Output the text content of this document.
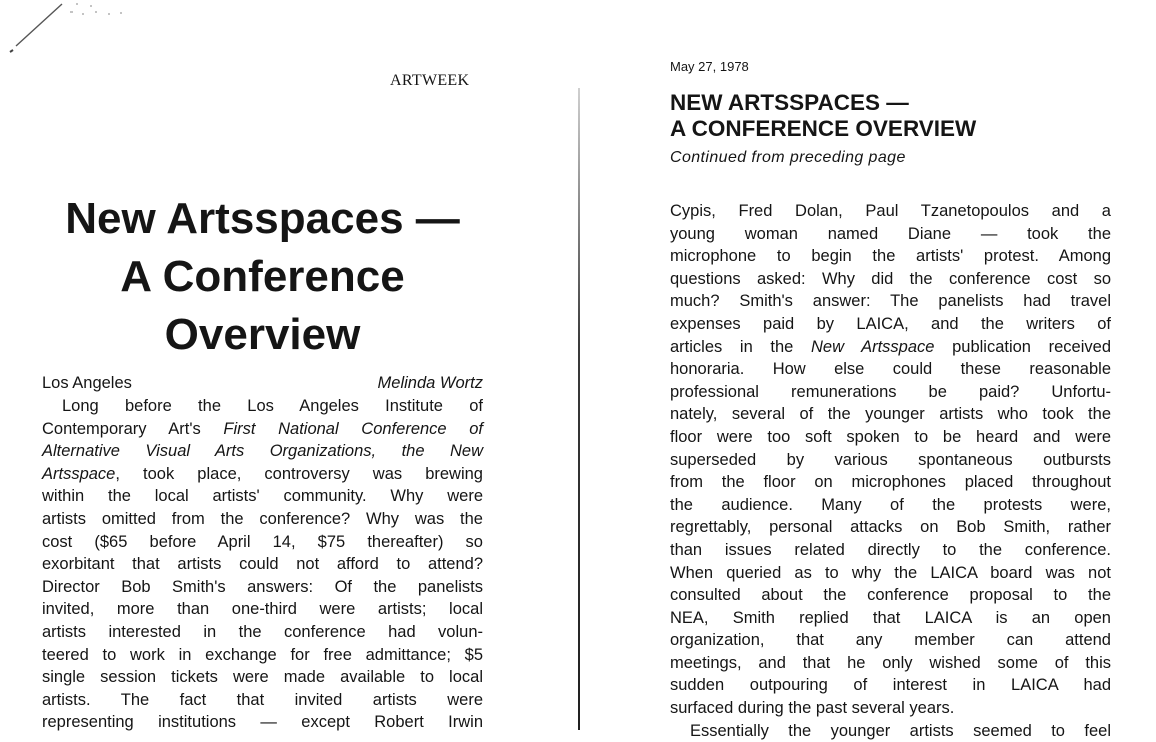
ARTWEEK

New Artsspaces —
A Conference
Overview
Los Angeles	Melinda Wortz

Long before the Los Angeles Institute of
Contemporary Art's First National Conference of
Alternative Visual Arts Organizations, the New
Artsspace, took place, controversy was brewing
within the local artists' community. Why were
artists omitted from the conference? Why was the
cost ($65 before April 14, $75 thereafter) so
exorbitant that artists could not afford to attend?
Director Bob Smith's answers: Of the panelists
invited, more than one-third were artists; local
artists interested in the conference had volun-
teered to work in exchange for free admittance; $5
single session tickets were made available to local
artists. The fact that invited artists were
representing institutions — except Robert Irwin

May 27, 1978

NEW ARTSSPACES —
A CONFERENCE OVERVIEW

Continued from preceding page

Cypis, Fred Dolan, Paul Tzanetopoulos and a
young woman named Diane — took the
microphone to begin the artists' protest. Among
questions asked: Why did the conference cost so
much? Smith's answer: The panelists had travel
expenses paid by LAICA, and the writers of
articles in the New Artsspace publication received
honoraria. How else could these reasonable
professional remunerations be paid? Unfortu-
nately, several of the younger artists who took the
floor were too soft spoken to be heard and were
superseded by various spontaneous outbursts
from the floor on microphones placed throughout
the audience. Many of the protests were,
regrettably, personal attacks on Bob Smith, rather
than issues related directly to the conference.
When queried as to why the LAICA board was not
consulted about the conference proposal to the
NEA, Smith replied that LAICA is an open
organization, that any member can attend
meetings, and that he only wished some of this
sudden outpouring of interest in LAICA had
surfaced during the past several years.
Essentially the younger artists seemed to feel
